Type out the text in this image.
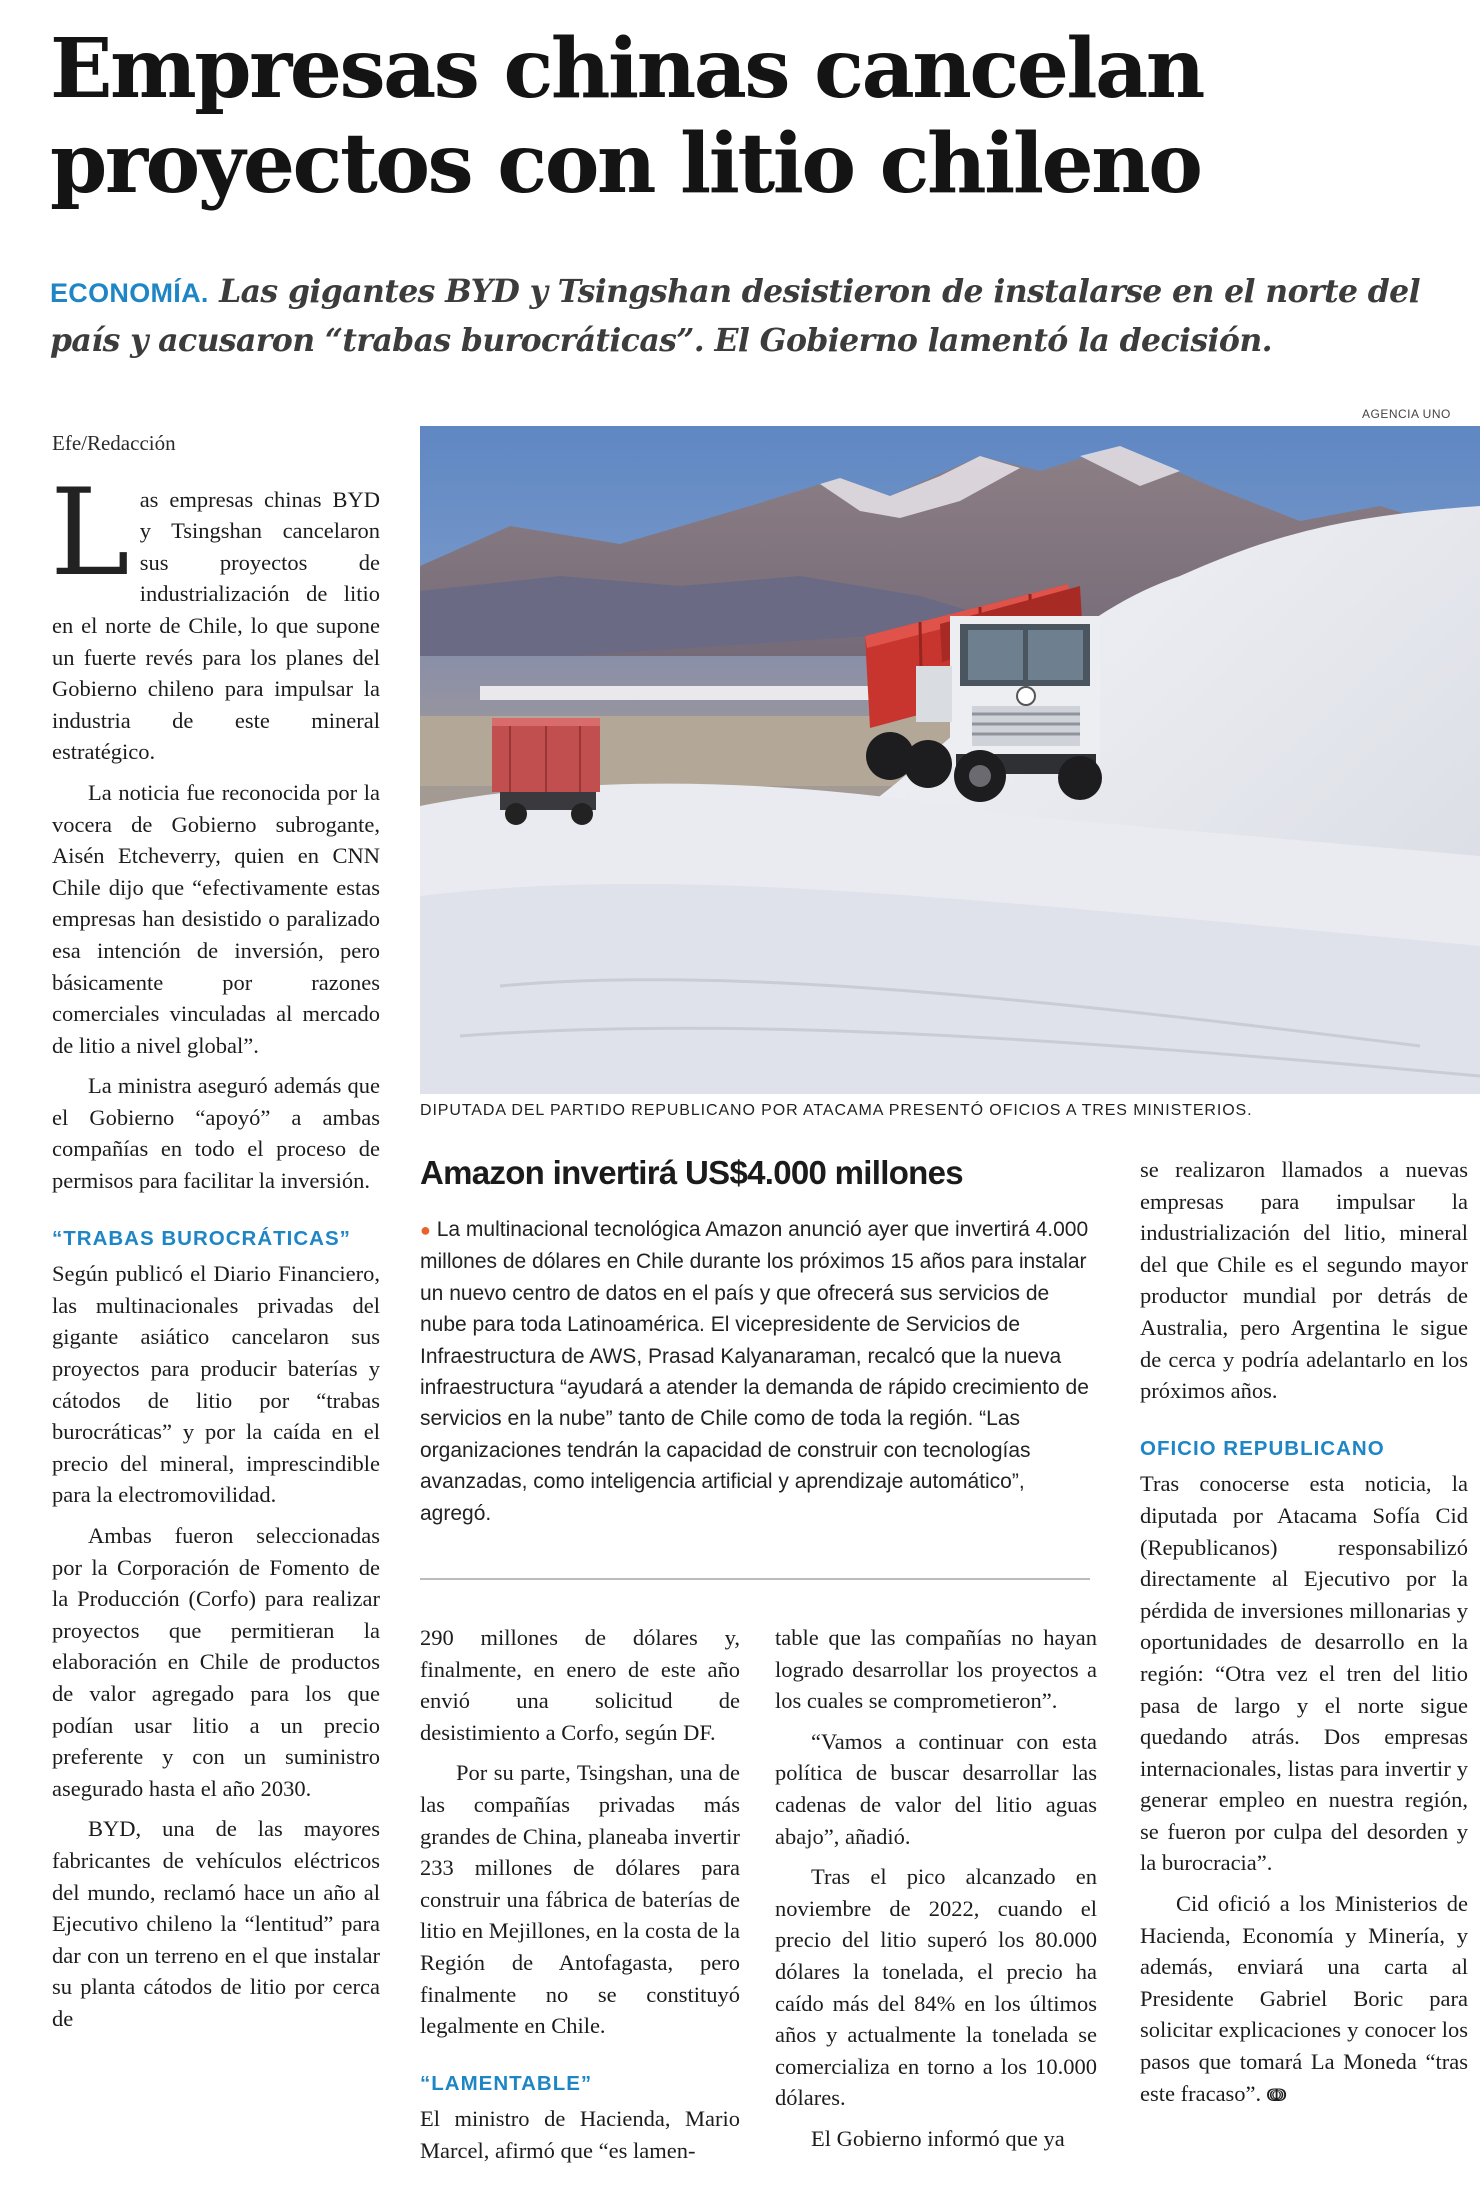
Empresas chinas cancelan
proyectos con litio chileno
ECONOMÍA. Las gigantes BYD y Tsingshan desistieron de instalarse en el norte del país y acusaron “trabas burocráticas”. El Gobierno lamentó la decisión.
Efe/Redacción

Las empresas chinas BYD y Tsingshan cancelaron sus proyectos de industrialización de litio en el norte de Chile, lo que supone un fuerte revés para los planes del Gobierno chileno para impulsar la industria de este mineral estratégico.

La noticia fue reconocida por la vocera de Gobierno subrogante, Aisén Etcheverry, quien en CNN Chile dijo que “efectivamente estas empresas han desistido o paralizado esa intención de inversión, pero básicamente por razones comerciales vinculadas al mercado de litio a nivel global”.

La ministra aseguró además que el Gobierno “apoyó” a ambas compañías en todo el proceso de permisos para facilitar la inversión.

“TRABAS BUROCRÁTICAS”

Según publicó el Diario Financiero, las multinacionales privadas del gigante asiático cancelaron sus proyectos para producir baterías y cátodos de litio por “trabas burocráticas” y por la caída en el precio del mineral, imprescindible para la electromovilidad.

Ambas fueron seleccionadas por la Corporación de Fomento de la Producción (Corfo) para realizar proyectos que permitieran la elaboración en Chile de productos de valor agregado para los que podían usar litio a un precio preferente y con un suministro asegurado hasta el año 2030.

BYD, una de las mayores fabricantes de vehículos eléctricos del mundo, reclamó hace un año al Ejecutivo chileno la “lentitud” para dar con un terreno en el que instalar su planta cátodos de litio por cerca de

AGENCIA UNO
DIPUTADA DEL PARTIDO REPUBLICANO POR ATACAMA PRESENTÓ OFICIOS A TRES MINISTERIOS.
Amazon invertirá US$4.000 millones
● La multinacional tecnológica Amazon anunció ayer que invertirá 4.000 millones de dólares en Chile durante los próximos 15 años para instalar un nuevo centro de datos en el país y que ofrecerá sus servicios de nube para toda Latinoamérica. El vicepresidente de Servicios de Infraestructura de AWS, Prasad Kalyanaraman, recalcó que la nueva infraestructura “ayudará a atender la demanda de rápido crecimiento de servicios en la nube” tanto de Chile como de toda la región. “Las organizaciones tendrán la capacidad de construir con tecnologías avanzadas, como inteligencia artificial y aprendizaje automático”, agregó.

290 millones de dólares y, finalmente, en enero de este año envió una solicitud de desistimiento a Corfo, según DF.

Por su parte, Tsingshan, una de las compañías privadas más grandes de China, planeaba invertir 233 millones de dólares para construir una fábrica de baterías de litio en Mejillones, en la costa de la Región de Antofagasta, pero finalmente no se constituyó legalmente en Chile.

“LAMENTABLE”

El ministro de Hacienda, Mario Marcel, afirmó que “es lamen-

table que las compañías no hayan logrado desarrollar los proyectos a los cuales se comprometieron”.

“Vamos a continuar con esta política de buscar desarrollar las cadenas de valor del litio aguas abajo”, añadió.

Tras el pico alcanzado en noviembre de 2022, cuando el precio del litio superó los 80.000 dólares la tonelada, el precio ha caído más del 84% en los últimos años y actualmente la tonelada se comercializa en torno a los 10.000 dólares.

El Gobierno informó que ya

se realizaron llamados a nuevas empresas para impulsar la industrialización del litio, mineral del que Chile es el segundo mayor productor mundial por detrás de Australia, pero Argentina le sigue de cerca y podría adelantarlo en los próximos años.

OFICIO REPUBLICANO

Tras conocerse esta noticia, la diputada por Atacama Sofía Cid (Republicanos) responsabilizó directamente al Ejecutivo por la pérdida de inversiones millonarias y oportunidades de desarrollo en la región: “Otra vez el tren del litio pasa de largo y el norte sigue quedando atrás. Dos empresas internacionales, listas para invertir y generar empleo en nuestra región, se fueron por culpa del desorden y la burocracia”.

Cid ofició a los Ministerios de Hacienda, Economía y Minería, y además, enviará una carta al Presidente Gabriel Boric para solicitar explicaciones y conocer los pasos que tomará La Moneda “tras este fracaso”. ↈ
